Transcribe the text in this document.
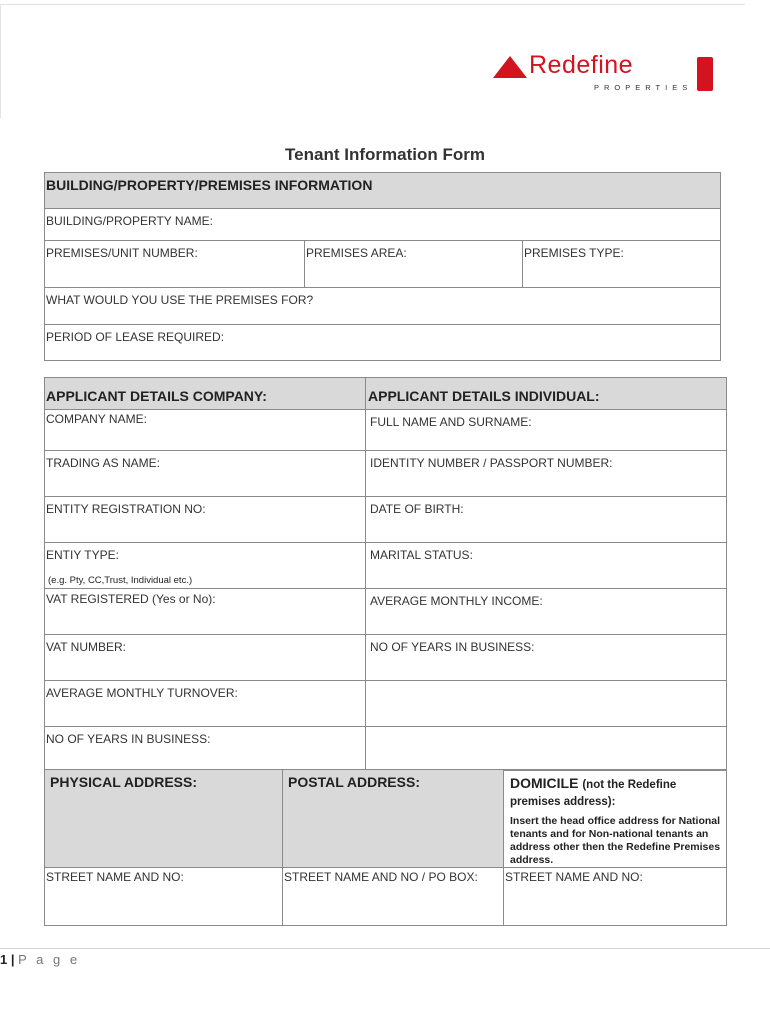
Redefine
PROPERTIES
Tenant Information Form
BUILDING/PROPERTY/PREMISES INFORMATION

BUILDING/PROPERTY NAME:

PREMISES/UNIT NUMBER:	PREMISES AREA:	PREMISES TYPE:

WHAT WOULD YOU USE THE PREMISES FOR?

PERIOD OF LEASE REQUIRED:
APPLICANT DETAILS COMPANY:	APPLICANT DETAILS INDIVIDUAL:

COMPANY NAME:	FULL NAME AND SURNAME:

TRADING AS NAME:	IDENTITY NUMBER / PASSPORT NUMBER:

ENTITY REGISTRATION NO:	DATE OF BIRTH:

ENTIY TYPE:
(e.g. Pty, CC,Trust, Individual etc.)	MARITAL STATUS:

VAT REGISTERED (Yes or No):	AVERAGE MONTHLY INCOME:

VAT NUMBER:	NO OF YEARS IN BUSINESS:

AVERAGE MONTHLY TURNOVER:	

NO OF YEARS IN BUSINESS:	

PHYSICAL ADDRESS:	POSTAL ADDRESS:	DOMICILE (not the Redefine premises address):
Insert the head office address for National tenants and for Non-national tenants an address other then the Redefine Premises address.

STREET NAME AND NO:	STREET NAME AND NO / PO BOX:	STREET NAME AND NO:
1 | P a g e
